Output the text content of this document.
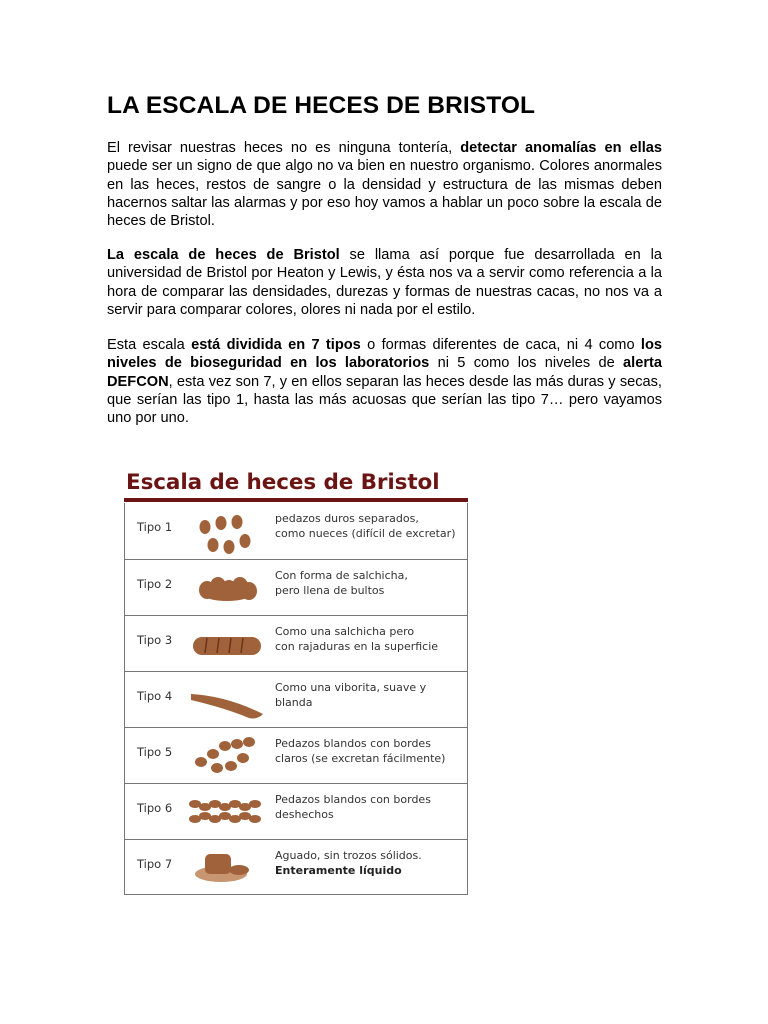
LA ESCALA DE HECES DE BRISTOL

El revisar nuestras heces no es ninguna tontería, detectar anomalías en ellas puede ser un signo de que algo no va bien en nuestro organismo. Colores anormales en las heces, restos de sangre o la densidad y estructura de las mismas deben hacernos saltar las alarmas y por eso hoy vamos a hablar un poco sobre la escala de heces de Bristol.

La escala de heces de Bristol se llama así porque fue desarrollada en la universidad de Bristol por Heaton y Lewis, y ésta nos va a servir como referencia a la hora de comparar las densidades, durezas y formas de nuestras cacas, no nos va a servir para comparar colores, olores ni nada por el estilo.

Esta escala está dividida en 7 tipos o formas diferentes de caca, ni 4 como los niveles de bioseguridad en los laboratorios ni 5 como los niveles de alerta DEFCON, esta vez son 7, y en ellos separan las heces desde las más duras y secas, que serían las tipo 1, hasta las más acuosas que serían las tipo 7… pero vayamos uno por uno.

Escala de heces de Bristol
Tipo 1
pedazos duros separados,
como nueces (difícil de excretar)
Tipo 2
Con forma de salchicha,
pero llena de bultos
Tipo 3
Como una salchicha pero
con rajaduras en la superficie
Tipo 4
Como una viborita, suave y
blanda
Tipo 5
Pedazos blandos con bordes
claros (se excretan fácilmente)
Tipo 6
Pedazos blandos con bordes
deshechos
Tipo 7
Aguado, sin trozos sólidos.
Enteramente líquido
